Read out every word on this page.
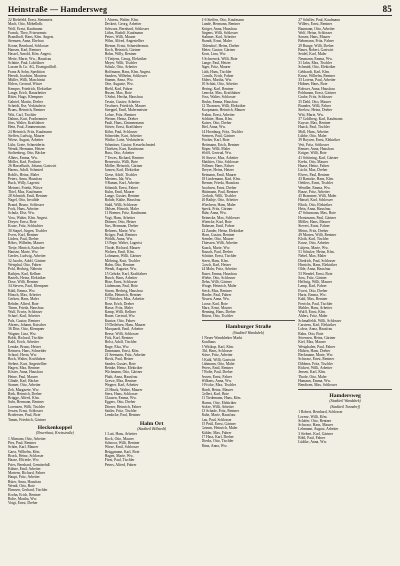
Heinstraße — Hamdersweg	85
22 Bielefeld, Ernst, Steinmetz
Mach, Otto, Möbelhdlr.
Wolf, Ernst, Kaufmann
Franck, Theo, Friseurmstr.
Brandhoff, Hans, Kfm. Angest.
Siemsen, Anna, Ehefrau
Krone, Bernhard, Schlosser
Hansen, Karl, Rentner
Hassel, Arnold, Kfm. Angest.
Mette, Marie, Ww., Hausfrau
Schütte, Paul, Lokführer
Lassen & Co. AG, Eisengroßhdl.
Franz & Sohn, Spedition
Heerdt, Joachim, Monteur
Müller, Willi, Maschinist
Ehlers, Gertrud, Witwe
Kemper, Friedrich, Elektriker
Lange, Erich, Bauarbeiter
Ritter, Hugo, Klempner
Gabriel, Martin, Dreher
Scheidt, Ilse, Verkäuferin
Bruns, Heinrich, Rentner
Witt, Carl, Tischler
Dahms, Kurt, Postbeamter
Jöns, Walter, Kraftfahrer
Hein, Paul, Zimmermann
24 Heinrich, Fritz, Kaufmann
Steffen, Ludwig, Maurer
Wiese, August, Arbeiter
Lühr, Grete, Schneiderin
Wendt, Hermann, Heizer
Stoltenberg, Otto, Bäcker
Albers, Emma, Ww.
Möller, Karl, Postbote
26 Hasselbach, Johann, Gastwirt
Harms, Adolf, Schmied
Rohlfs, Heinz, Maler
Peters, Anna, Hausfrau
Buck, Willy, Lagerist
Meinert, Frieda, Witwe
Thiel, Max, Kaufmann
28 Schmidt, Emil, Rentner
Nagel, Otto, Invalide
Brand, Bruno, Schlosser
Fock, Hans, Arbeiter
Schulz, Else, Ww.
Voss, Walter, Kfm. Angest.
Dreyer, Ernst, Bote
Kruse, Fritz, Schlachter
30 Stapel, Jürgen, Tischler
Evers, Karl, Rentner
Lüders, Paul, Dreher
Röhrs, Wilhelm, Maurer
Tietje, Hinrich, Kutscher
Hansen, Marie, Ww.
Gerdes, Ludwig, Arbeiter
32 Jacobs, Adolf, Gärtner
Westphal, Otto, Fahrer
Pohl, Hedwig, Näherin
Rathjen, Karl, Kellner
Bartels, Heinz, Elektriker
Dose, Willi, Rentner
34 Sievers, Paul, Klempner
Kühl, Emma, Ww.
Hinsch, Max, Arbeiter
Gerken, Hans, Maler
Rehder, Alfred, Bote
Timm, Frieda, Hausfrau
Wulf, Erwin, Schlosser
Scharf, Karl, Arbeiter
Puls, Gustav, Rentner
Ahrens, Johann, Kutscher
36 Dörr, Otto, Klempner
Wagner, Lina, Ww.
Boldt, Richard, Tischler
Kahl, Erich, Arbeiter
Lemke, Bruno, Heizer
Reimers, Hans, Schneider
Schoof, Herta, Ww.
Bock, Walter, Kraftfahrer
Siebert, Kurt, Angestellter
Hagen, Max, Rentner
Köster, Anna, Hausfrau
Heine, Paul, Maurer
Glinde, Karl, Bäcker
Stamer, Otto, Arbeiter
Zeh, Margarete, Ww.
Riek, Heinrich, Dreher
Brügge, Alfred, Kfm.
Suhr, Hermann, Rentner
Lorenzen, Willi, Tischler
Jessen, Ernst, Schlosser
Brodersen, Paul, Bote
Tamm, Friedrich, Gärtner
Heckenkoppel
(Neuerbaut, Kreisstraße)
1 Altmann, Otto, Arbeiter
Pies, Paul, Rentner
Schön, Karl, Maurer
Gartz, Wilhelm, Kfm.
Brock, Heinz, Schlosser
Haase, Elfriede, Ww.
Pries, Bernhard, Gemüsehdl.
Kühne, Emil, Arbeiter
Martens, Richard, Fahrer
Haupt, Fritz, Arbeiter
Rüter, Anna, Hausfrau
Wendt, Otto, Bote
Ehmsen, Gerhard, Tischler
Krohn, Erich, Rentner
Bolte, Martha, Ww.
Voigt, Ernst, Dreher
1 Ahrens, Walter, Kfm.
Deckert, Georg, Arbeiter
Schwarz, Bernhard, Schlosser
Lührs, Rudolf, Kaufmann
Peters, Willi, Maurer
Wilm, Alfred, Angestellter
Riemer, Ernst, Schneidermstr.
Koch, Heinrich, Gärtner
Holm, Willy, Rentner
3 Tietjens, Georg, Elektriker
Meyer, Willi, Tischler
Schulz, Otto, Arbeiter
Hoffmann, Hans, Kfm. Angest.
Sanders, Wilhelm, Schlosser
Stamm, Anna, Ww.
Otte, Auguste, Ww.
Biehl, Karl, Fahrer
Husen, Max, Bote
5 Sehrt, Hertha, Hausfrau
Tessin, Gustav, Arbeiter
Teschner, Friedrich, Maurer
Streppel, Emil, Malermeister
Lohse, Fritz, Rentner
Werner, Heinz, Dreher
Pauli, Hans, Zimmermann
Stöver, Ernst, Kraftfahrer
Köhn, Paul, Schlosser
Schneider, Kurt, Arbeiter
Wittke, Lotte, Verkäuferin
Schmüser, Gustav, Kesselschmied
Thielsen, Kurt, Kaufmann
Buss, Otto, Arbeiter
7 Tewes, Richard, Rentner
Bernewitz, Willi, Bote
Möller, Heinrich, Gärtner
Jansen, Karl, Elektriker
Giese, Adolf, Tischler
Mertens, Ida, Ww.
9 Ramm, Karl, Arbeiter
Schmidt, Ernst, Fahrer
Kuhn, Emil, Maurer
Lange, Gustav, Rentner
Rohde, Käthe, Hausfrau
Stahl, Willi, Schlosser
Ohlsen, Hinrich, Maler
11 Bremer, Fritz, Kaufmann
Vogt, Hans, Arbeiter
Dittmer, Otto, Heizer
Jürs, Hermann, Dreher
Behrens, Marie, Ww.
Kröger, Paul, Rentner
Wöhlk, Anna, Ww.
13 Pape, Walter, Lagerist
Thode, Richard, Maurer
Wolters, Emil, Kfm.
Lohmann, Willi, Gärtner
Möhring, Kurt, Tischler
Hahn, Otto, Rentner
Wendt, Auguste, Ww.
15 Gehrke, Karl, Kraftfahrer
Busch, Hans, Arbeiter
Hinz, Ernst, Schlosser
Lüdemann, Paul, Bote
Storm, Hedwig, Hausfrau
Kölln, Heinrich, Rentner
17 Böttcher, Max, Arbeiter
Rose, Erich, Dreher
Hasse, Fritz, Maler
Kamp, Willi, Kellner
Bauer, Gertrud, Ww.
Kuntze, Otto, Fahrer
19 Detlefsen, Hans, Maurer
Marquardt, Emil, Arbeiter
Reese, Willi, Schlosser
Fick, Karl, Rentner
Holst, Adolf, Tischler
Ruge, Elsa, Ww.
Dammann, Ernst, Kfm.
21 Seemann, Fritz, Arbeiter
Rieck, Paul, Heizer
Sander, Gustav, Bote
Reinke, Heinz, Elektriker
Wichmann, Otto, Gärtner
Plath, Anna, Hausfrau
Grewe, Max, Rentner
Wegner, Karl, Arbeiter
23 Hinck, Walter, Maurer
Sterz, Hans, Schlosser
Clausen, Emma, Ww.
Eggers, Otto, Dreher
Dörner, Heinrich, Fahrer
Sattler, Fritz, Tischler
Lembcke, Paul, Rentner
Halm Ort
(Stadtteil Billstedt)
1 Lutt, Hans, Arbeiter
Kock, Otto, Maurer
Schnoor, Willi, Rentner
Wiese, Emil, Schlosser
Brüggmann, Karl, Bote
Hagen, Marie, Ww.
Fürst, Paul, Tischler
Peters, Alfred, Fahrer
2-6 Steffen, Otto, Kaufmann
Lunde, Hermann, Rentner
Kröger, Anna, Hausfrau
Jürgens, Willi, Schlosser
Stahmer, Karl, Arbeiter
Brandt, Ernst, Maler
Ohlendorf, Heinz, Dreher
Meier, Gustav, Gärtner
Korn, Lina, Ww.
8 Schwenck, Willi, Bote
Lange, Paul, Heizer
Jäger, Fritz, Maurer
Lüth, Hans, Tischler
Cornils, Erich, Fahrer
Ehlers, Martha, Ww.
10 Schütt, Otto, Arbeiter
Hering, Karl, Rentner
Lemcke, Max, Kraftfahrer
Voss, Walter, Schlosser
Bruhn, Emma, Hausfrau
12 Thomsen, Willi, Elektriker
Koopmann, Heinrich, Maurer
Frahm, Ernst, Arbeiter
Schlüter, Hans, Kfm.
Kaiser, Otto, Dreher
Biel, Anna, Ww.
14 Hornburg, Fritz, Tischler
Siemers, Paul, Gärtner
Fischer, Karl, Bote
Heitmann, Erich, Rentner
Röper, Willi, Maler
Wolff, Gertrud, Ww.
16 Struve, Max, Arbeiter
Matthies, Otto, Schlosser
Vollmer, Hans, Fahrer
Dreyer, Heinz, Heizer
Reimann, Emil, Maurer
18 Lindemann, Karl, Kfm.
Bremer, Frieda, Hausfrau
Jacobsen, Ernst, Dreher
Hüttmann, Paul, Rentner
Gerlach, Willi, Tischler
20 Rathje, Otto, Arbeiter
Wiechern, Hans, Maler
Speck, Fritz, Gärtner
Bahr, Anna, Ww.
Reinecke, Max, Schlosser
Wiencke, Karl, Bote
Bahnsen, Emil, Fahrer
22 Zander, Heinz, Elektriker
Horn, Gustav, Rentner
Stender, Otto, Maurer
Thiessen, Willi, Arbeiter
Kaack, Marie, Ww.
Rausch, Paul, Dreher
Schütze, Ernst, Tischler
Steen, Hans, Kfm.
Gosch, Karl, Heizer
24 Mohr, Fritz, Arbeiter
Ruser, Emma, Hausfrau
Wiebe, Otto, Schlosser
Dehn, Willi, Gärtner
Wrage, Heinrich, Maler
Sieck, Max, Rentner
Harder, Paul, Fahrer
Nissen, Anna, Ww.
Loose, Karl, Bote
Marx, Ernst, Maurer
Henning, Hans, Dreher
Bütow, Otto, Tischler
Hamburger Straße
(Stadtteil Wandsbek)
1 Neuer Wandsbeker Markt
Kaufhaus
3 Wittkop, Karl, Kfm.
Ohl, Hans, Schlosser
Stüve, Fritz, Arbeiter
5 Kahl, Willi, Gastwirt
Lühmann, Otto, Maler
Peters, Emil, Rentner
7 Bolte, Paul, Dreher
Jessen, Ernst, Fahrer
Wilkens, Anna, Ww.
9 Fricke, Max, Tischler
Hardt, Heinz, Maurer
Gellert, Karl, Bote
11 Tiedemann, Hans, Kfm.
Harms, Otto, Elektriker
Stolze, Willi, Arbeiter
13 Schade, Fritz, Rentner
Ruhe, Marie, Hausfrau
Lau, Paul, Schlosser
15 Prüß, Ernst, Gärtner
Grimm, Heinrich, Maler
Kähler, Max, Fahrer
17 Hass, Karl, Dreher
Dierks, Otto, Tischler
Bünz, Anna, Ww.
27 Schiller, Paul, Kaufmann
Willers, Ernst, Rentner
Baumann, Otto, Arbeiter
Wolf, Heinz, Schlosser
Sassen, Hans, Maurer
Behrmann, Fritz, Fahrer
29 Runge, Willi, Dreher
Bauer, Robert, Gastwirt
Seidel, Karl, Maler
Neumann, Emma, Ww.
31 Jahn, Max, Tischler
Schmidt, Otto, Elektriker
Gebhardt, Karl, Kfm.
Kruse, Wilhelm, Rentner
33 Lorenz, Paul, Arbeiter
Hübner, Hans, Bote
Rohwer, Anna, Hausfrau
Pohlmann, Ernst, Gärtner
Grube, Fritz, Schlosser
35 Dahl, Otto, Maurer
Brandes, Willi, Fahrer
Strelow, Heinz, Dreher
Witt, Marie, Ww.
37 Goldberg, Karl, Kaufmann
Kayser, Max, Rentner
Haack, Paul, Tischler
Moll, Hans, Arbeiter
Lübbe, Otto, Maler
39 Boysen, Ernst, Elektriker
Vett, Fritz, Schlosser
Renner, Anna, Hausfrau
Krüger, Willi, Bote
41 Schöning, Karl, Gärtner
Krebs, Otto, Maurer
Haase, Heinz, Fahrer
Lücht, Max, Dreher
Elvers, Paul, Rentner
43 Ramcke, Hans, Kfm.
Oehlers, Ernst, Tischler
Wendler, Emma, Ww.
Busse, Fritz, Arbeiter
45 Brammer, Willi, Maler
Hänsel, Karl, Schlosser
Block, Otto, Elektriker
Hein, Anna, Hausfrau
47 Schumann, Max, Bote
Horstmann, Paul, Gärtner
Möller, Hans, Maurer
Sievert, Ernst, Fahrer
Meins, Fritz, Dreher
49 Marten, Willi, Rentner
Kloth, Karl, Tischler
Kruse, Otto, Arbeiter
Lütjens, Marie, Ww.
51 Schulze, Heinz, Kfm.
Nebel, Max, Maler
Diedrich, Paul, Schlosser
Hinrichs, Hans, Elektriker
Olde, Anna, Hausfrau
53 Wendel, Ernst, Bote
Sass, Fritz, Gärtner
Hellwig, Willi, Maurer
Lamp, Karl, Fahrer
Ewert, Otto, Dreher
Hartz, Emma, Ww.
Kahl, Max, Rentner
Frerichs, Paul, Tischler
Mahler, Hans, Arbeiter
Wulff, Ernst, Kfm.
Ahlers, Fritz, Maler
Schmalfeldt, Willi, Schlosser
Carstens, Karl, Elektriker
Lohse, Anna, Hausfrau
Rahn, Otto, Bote
Sörensen, Heinz, Gärtner
Kiel, Max, Maurer
Westphalen, Paul, Fahrer
Hülsen, Hans, Dreher
Beckmann, Marie, Ww.
Schwarz, Ernst, Rentner
Dibbern, Fritz, Tischler
Rickert, Willi, Arbeiter
Jensen, Karl, Kfm.
Thode, Otto, Maler
Hamann, Emma, Ww.
Bendixen, Max, Schlosser
Hamdersweg
(Stadtteil Wandsbek)
(Stadtteil Tonndorf)
1 Robert, Bernhard, Schlosser
Lorenz, Willi, Kfm.
Schäfer, Otto, Rentner
Schwarz, Hans, Maurer
Lehmann, August, Arbeiter
3 Siebert, Karl, Gärtner
Röhl, Paul, Fahrer
Lüdtke, Anna, Ww.
